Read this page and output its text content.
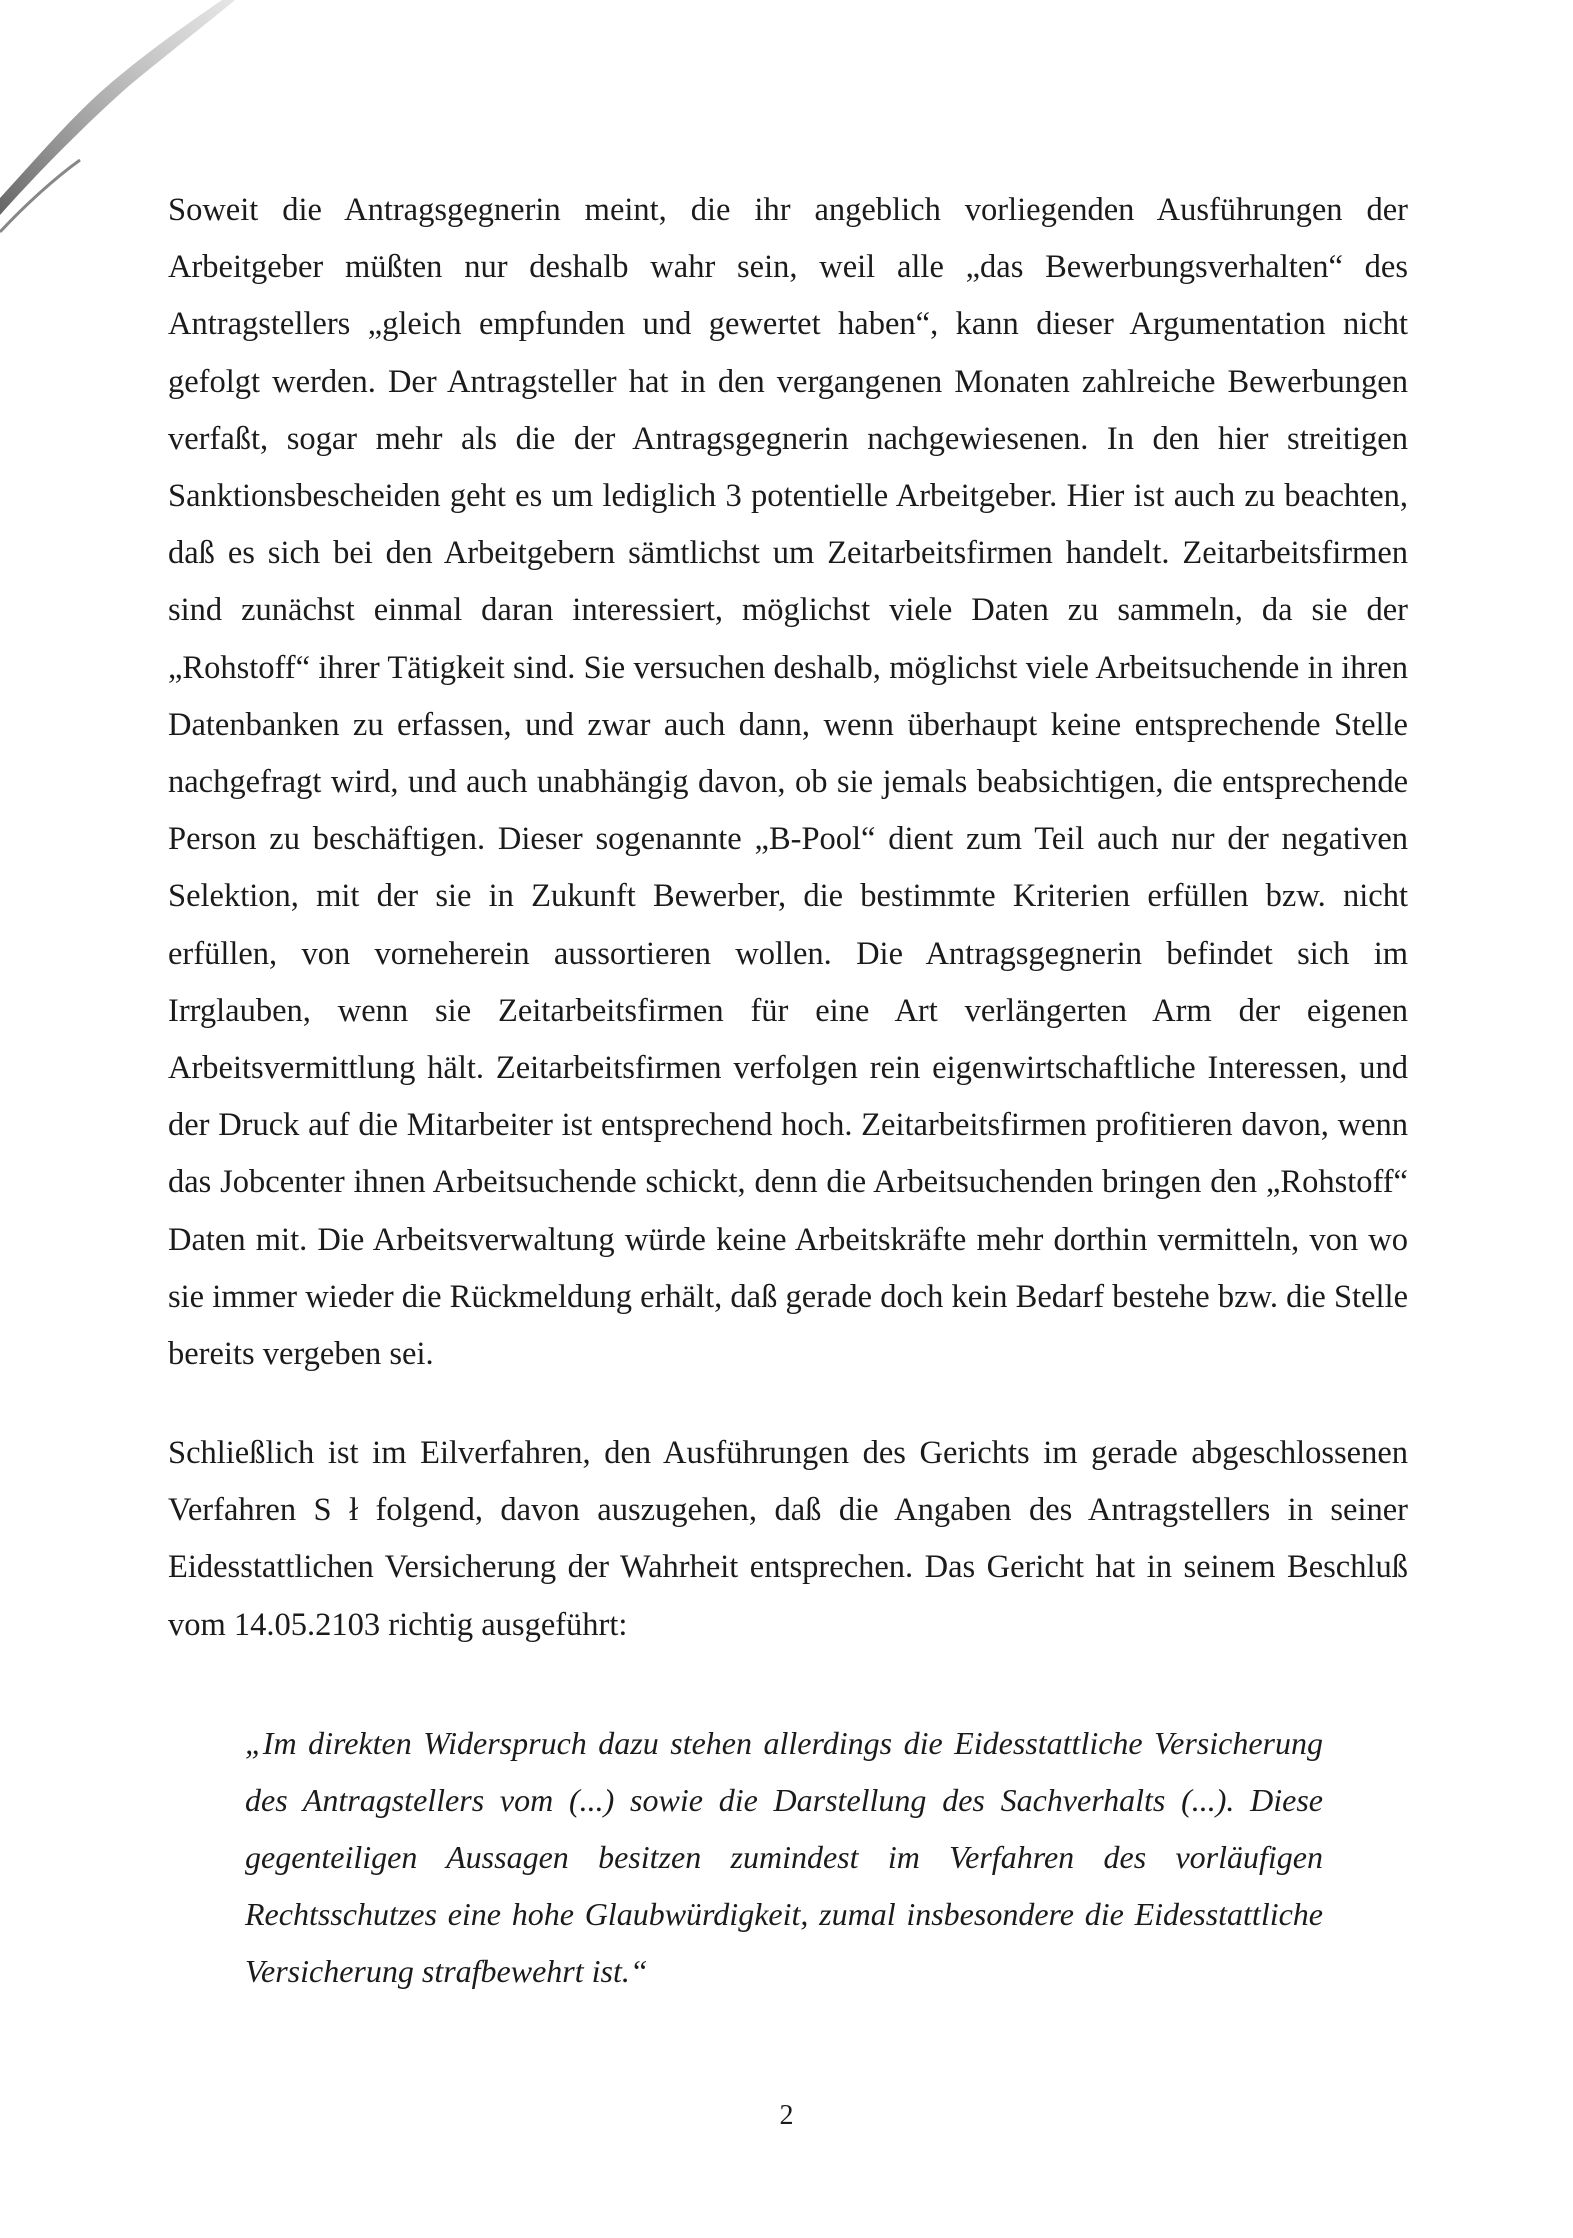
Soweit die Antragsgegnerin meint, die ihr angeblich vorliegenden Ausführungen der Arbeitgeber müßten nur deshalb wahr sein, weil alle „das Bewerbungsverhalten“ des Antragstellers „gleich empfunden und gewertet haben“, kann dieser Argumentation nicht gefolgt werden. Der Antragsteller hat in den vergangenen Monaten zahlreiche Bewerbungen verfaßt, sogar mehr als die der Antragsgegnerin nachgewiesenen. In den hier streitigen Sanktionsbescheiden geht es um lediglich 3 potentielle Arbeitgeber. Hier ist auch zu beachten, daß es sich bei den Arbeitgebern sämtlichst um Zeitarbeitsfirmen handelt. Zeitarbeitsfirmen sind zunächst einmal daran interessiert, möglichst viele Daten zu sammeln, da sie der „Rohstoff“ ihrer Tätigkeit sind. Sie versuchen deshalb, möglichst viele Arbeitsuchende in ihren Datenbanken zu erfassen, und zwar auch dann, wenn überhaupt keine entsprechende Stelle nachgefragt wird, und auch unabhängig davon, ob sie jemals beabsichtigen, die entsprechende Person zu beschäftigen. Dieser sogenannte „B-Pool“ dient zum Teil auch nur der negativen Selektion, mit der sie in Zukunft Bewerber, die bestimmte Kriterien erfüllen bzw. nicht erfüllen, von vorneherein aussortieren wollen. Die Antragsgegnerin befindet sich im Irrglauben, wenn sie Zeitarbeitsfirmen für eine Art verlängerten Arm der eigenen Arbeitsvermittlung hält. Zeitarbeitsfirmen verfolgen rein eigenwirtschaftliche Interessen, und der Druck auf die Mitarbeiter ist entsprechend hoch. Zeitarbeitsfirmen profitieren davon, wenn das Jobcenter ihnen Arbeitsuchende schickt, denn die Arbeitsuchenden bringen den „Rohstoff“ Daten mit. Die Arbeitsverwaltung würde keine Arbeitskräfte mehr dorthin vermitteln, von wo sie immer wieder die Rückmeldung erhält, daß gerade doch kein Bedarf bestehe bzw. die Stelle bereits vergeben sei.
Schließlich ist im Eilverfahren, den Ausführungen des Gerichts im gerade abgeschlossenen Verfahren S ł folgend, davon auszugehen, daß die Angaben des Antragstellers in seiner Eidesstattlichen Versicherung der Wahrheit entsprechen. Das Gericht hat in seinem Beschluß vom 14.05.2103 richtig ausgeführt:
„Im direkten Widerspruch dazu stehen allerdings die Eidesstattliche Versicherung des Antragstellers vom (...) sowie die Darstellung des Sachverhalts (...). Diese gegenteiligen Aussagen besitzen zumindest im Verfahren des vorläufigen Rechtsschutzes eine hohe Glaubwürdigkeit, zumal insbesondere die Eidesstattliche Versicherung strafbewehrt ist.“
2
